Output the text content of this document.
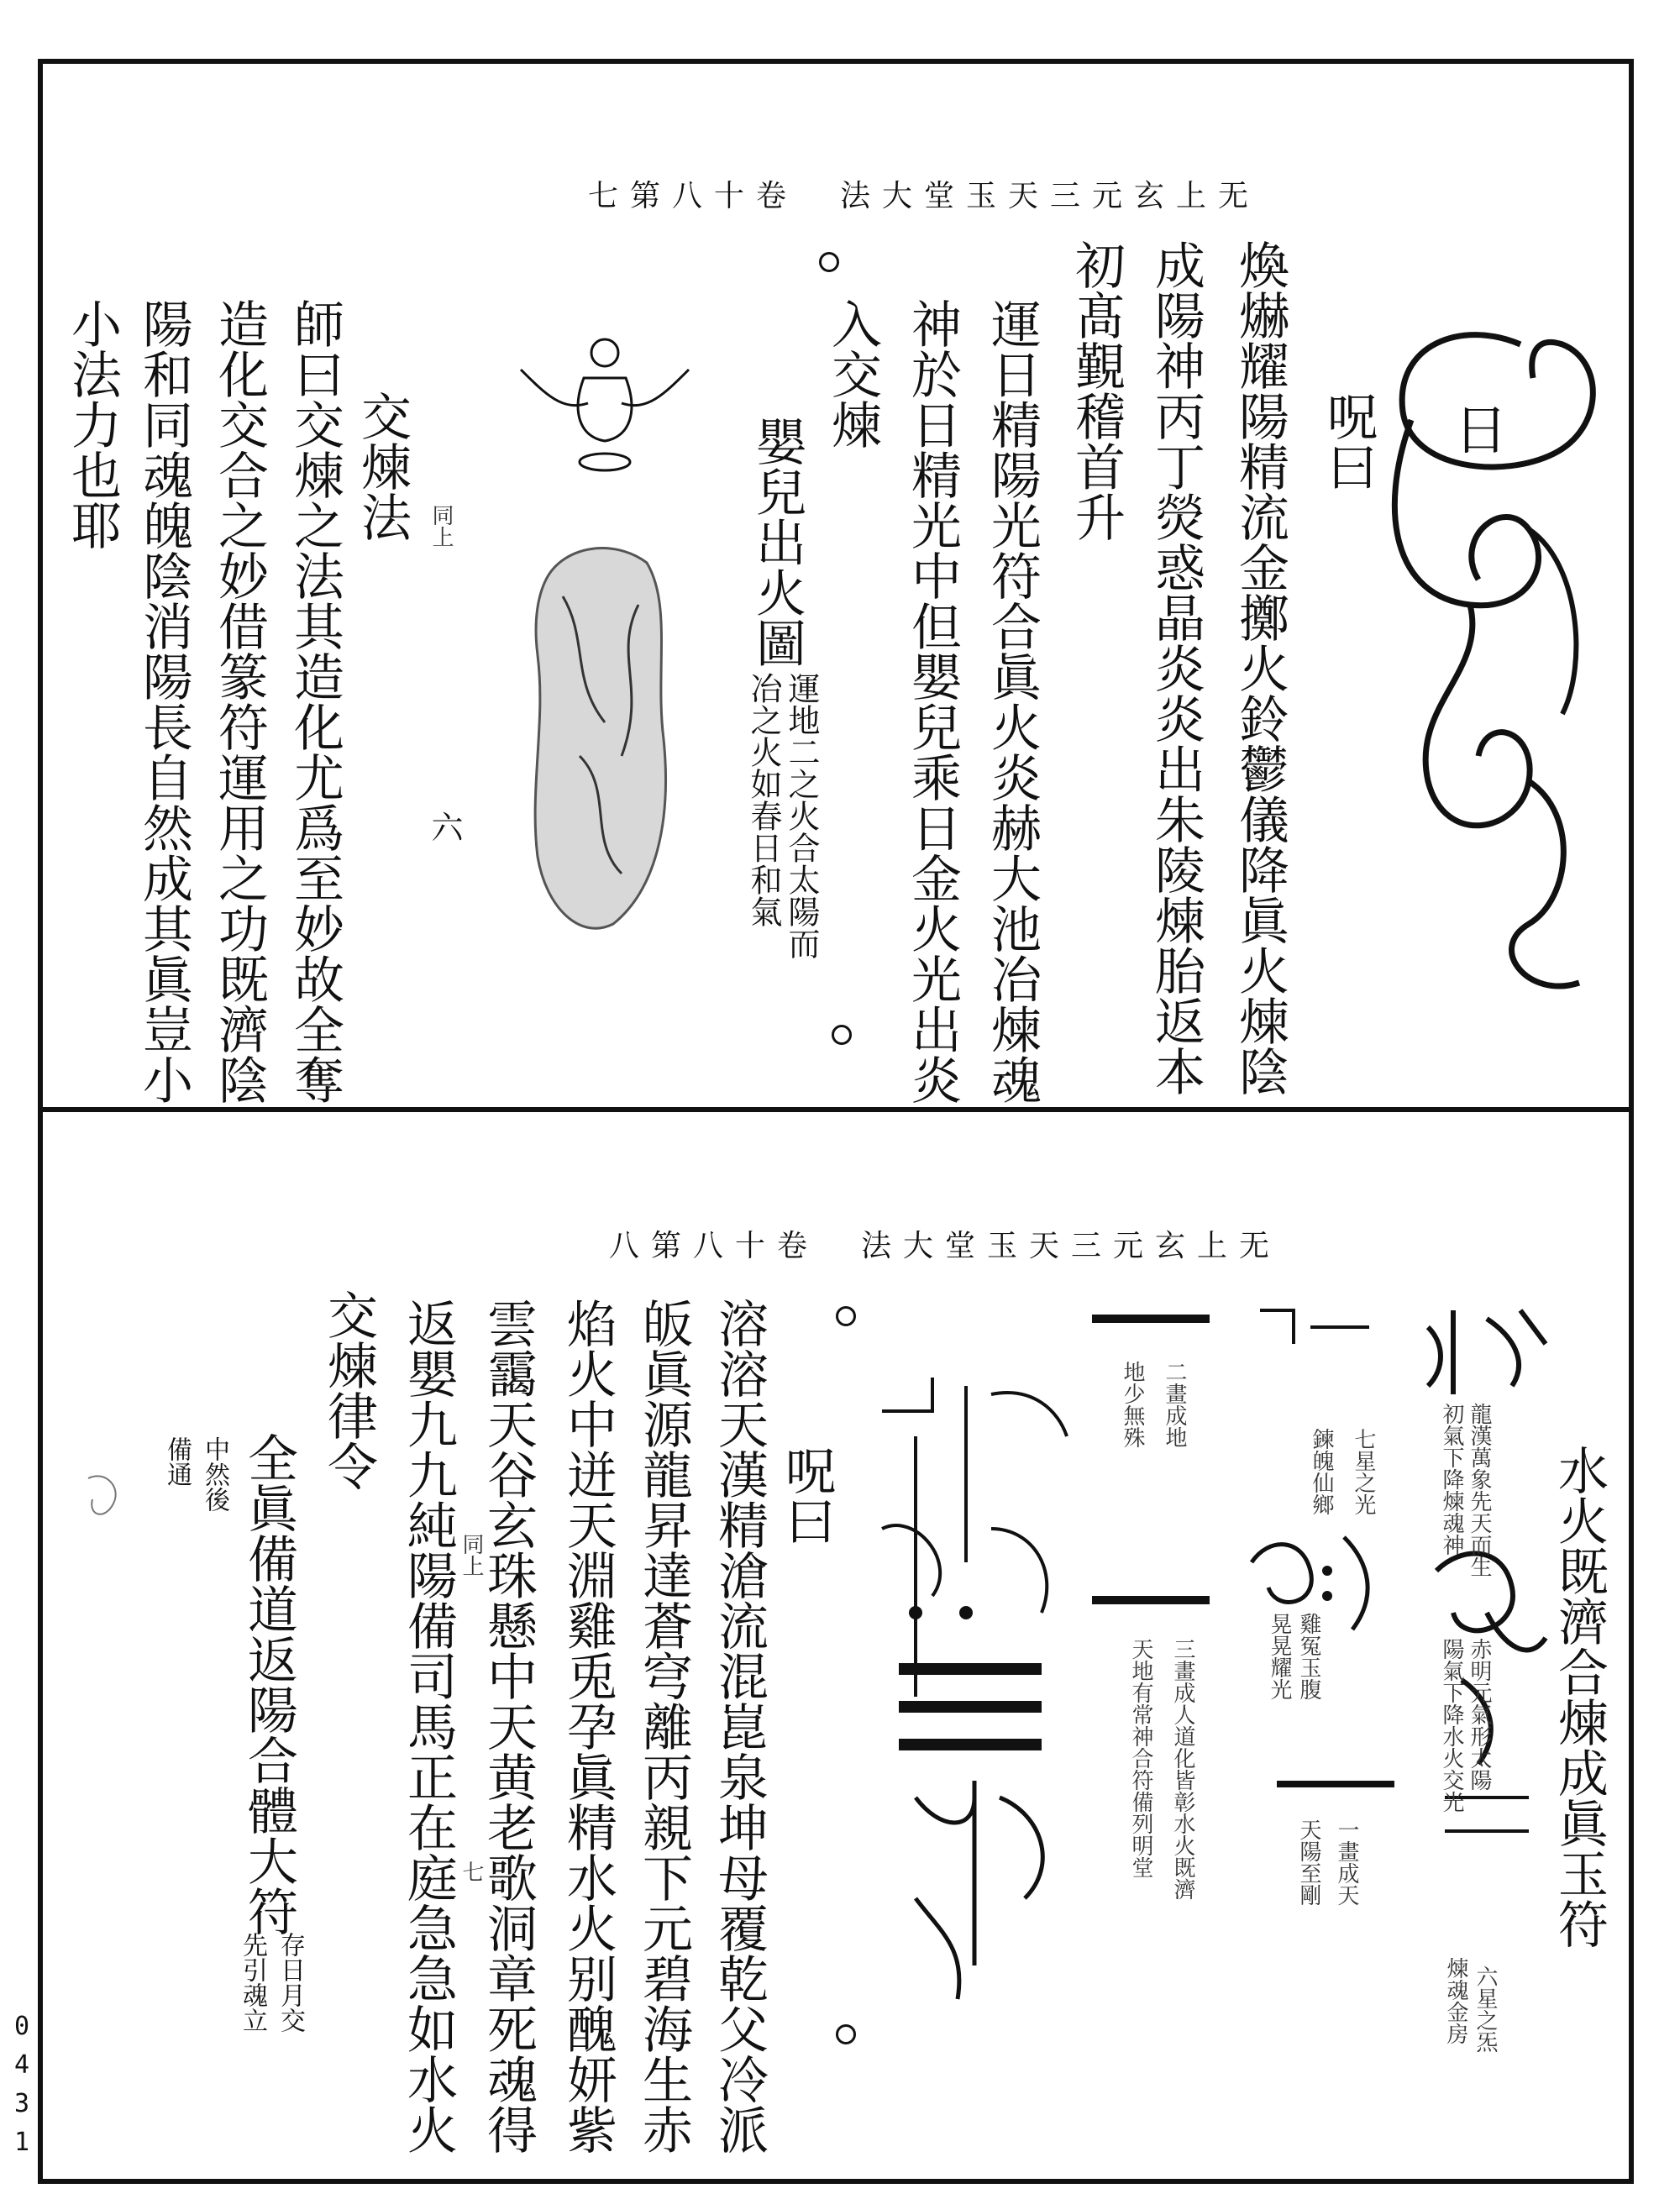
0
4
3
1
七第八十卷　法大堂玉天三元玄上无
日
呪曰
煥爀耀陽精流金擲火鈴鬱儀降眞火煉陰
成陽神丙丁熒惑晶炎炎出朱陵煉胎返本
初髙覲稽首升
運日精陽光符合眞火炎赫大池冶煉魂
神於日精光中但嬰兒乘日金火光出炎
入交煉
嬰兒出火圖
運地二之火合太陽而
冶之火如春日和氣
六
交煉法 同上
師曰交煉之法其造化尤爲至妙故全奪
造化交合之妙借篆符運用之功既濟陰
陽和同魂魄陰消陽長自然成其眞豈小
小法力也耶
八第八十卷　法大堂玉天三元玄上无
水火既濟合煉成眞玉符
龍漢萬象先天而生
初氣下降煉魂神
赤明元氣形太陽
陽氣下降水火交光
六星之炁
煉魂金房
七星之光
鍊魄仙鄉
雞冤玉腹
晃晃耀光
一畫成天
天陽至剛
二畫成地
地少無殊
三畫成人道化皆彰水火既濟
天地有常神合符備列明堂
呪曰
溶溶天漢精滄流混崑泉坤母覆乾父冷派
皈眞源龍昇達蒼穹離丙親下元碧海生赤
焰火中迸天淵雞兎孕眞精水火别醜妍紫
雲靄天谷玄珠懸中天黄老歌洞章死魂得
返嬰九九純陽備司馬正在庭急急如水火 同上
七
交煉律令
全眞備道返陽合體大符
存日月交
先引魂立
中然後
備通
